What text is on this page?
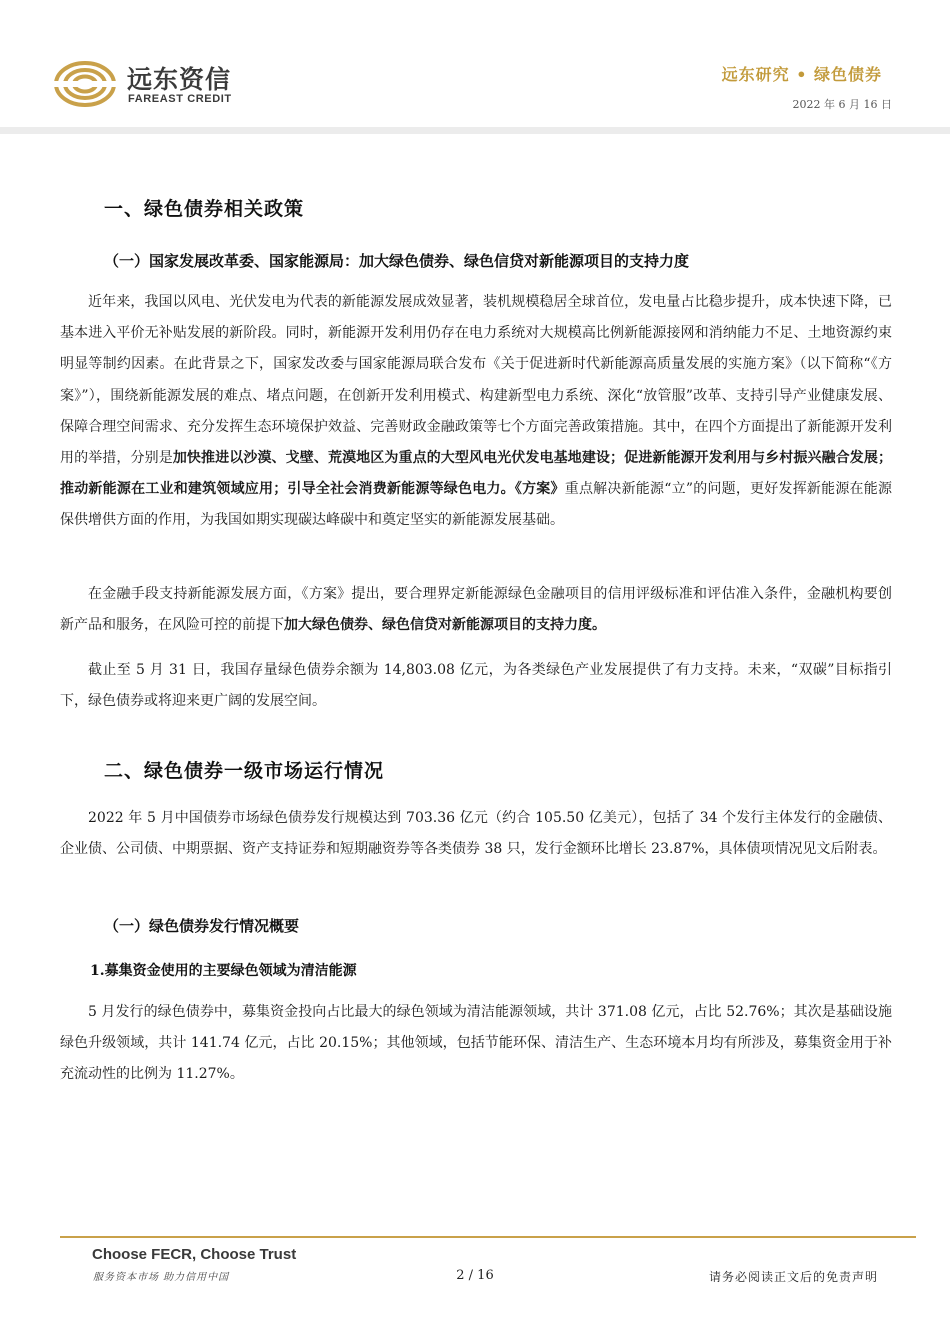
远东资信
FAREAST CREDIT
远东研究 • 绿色债券
2022 年 6 月 16 日
一、绿色债券相关政策
（一）国家发展改革委、国家能源局：加大绿色债券、绿色信贷对新能源项目的支持力度

近年来，我国以风电、光伏发电为代表的新能源发展成效显著，装机规模稳居全球首位，发电量占比稳步提升，成本快速下降，已基本进入平价无补贴发展的新阶段。同时，新能源开发利用仍存在电力系统对大规模高比例新能源接网和消纳能力不足、土地资源约束明显等制约因素。在此背景之下，国家发改委与国家能源局联合发布《关于促进新时代新能源高质量发展的实施方案》（以下简称“《方案》”），围绕新能源发展的难点、堵点问题，在创新开发利用模式、构建新型电力系统、深化“放管服”改革、支持引导产业健康发展、保障合理空间需求、充分发挥生态环境保护效益、完善财政金融政策等七个方面完善政策措施。其中，在四个方面提出了新能源开发利用的举措，分别是加快推进以沙漠、戈壁、荒漠地区为重点的大型风电光伏发电基地建设；促进新能源开发利用与乡村振兴融合发展；推动新能源在工业和建筑领域应用；引导全社会消费新能源等绿色电力。《方案》重点解决新能源“立”的问题，更好发挥新能源在能源保供增供方面的作用，为我国如期实现碳达峰碳中和奠定坚实的新能源发展基础。

在金融手段支持新能源发展方面，《方案》提出，要合理界定新能源绿色金融项目的信用评级标准和评估准入条件，金融机构要创新产品和服务，在风险可控的前提下加大绿色债券、绿色信贷对新能源项目的支持力度。

截止至 5 月 31 日，我国存量绿色债券余额为 14,803.08 亿元，为各类绿色产业发展提供了有力支持。未来，“双碳”目标指引下，绿色债券或将迎来更广阔的发展空间。

二、绿色债券一级市场运行情况

2022 年 5 月中国债券市场绿色债券发行规模达到 703.36 亿元（约合 105.50 亿美元），包括了 34 个发行主体发行的金融债、企业债、公司债、中期票据、资产支持证券和短期融资券等各类债券 38 只，发行金额环比增长 23.87%，具体债项情况见文后附表。

（一）绿色债券发行情况概要
1.募集资金使用的主要绿色领域为清洁能源

5 月发行的绿色债券中，募集资金投向占比最大的绿色领域为清洁能源领域，共计 371.08 亿元，占比 52.76%；其次是基础设施绿色升级领域，共计 141.74 亿元，占比 20.15%；其他领域，包括节能环保、清洁生产、生态环境本月均有所涉及，募集资金用于补充流动性的比例为 11.27%。

Choose FECR, Choose Trust
服务资本市场 助力信用中国	2 / 16	请务必阅读正文后的免责声明
